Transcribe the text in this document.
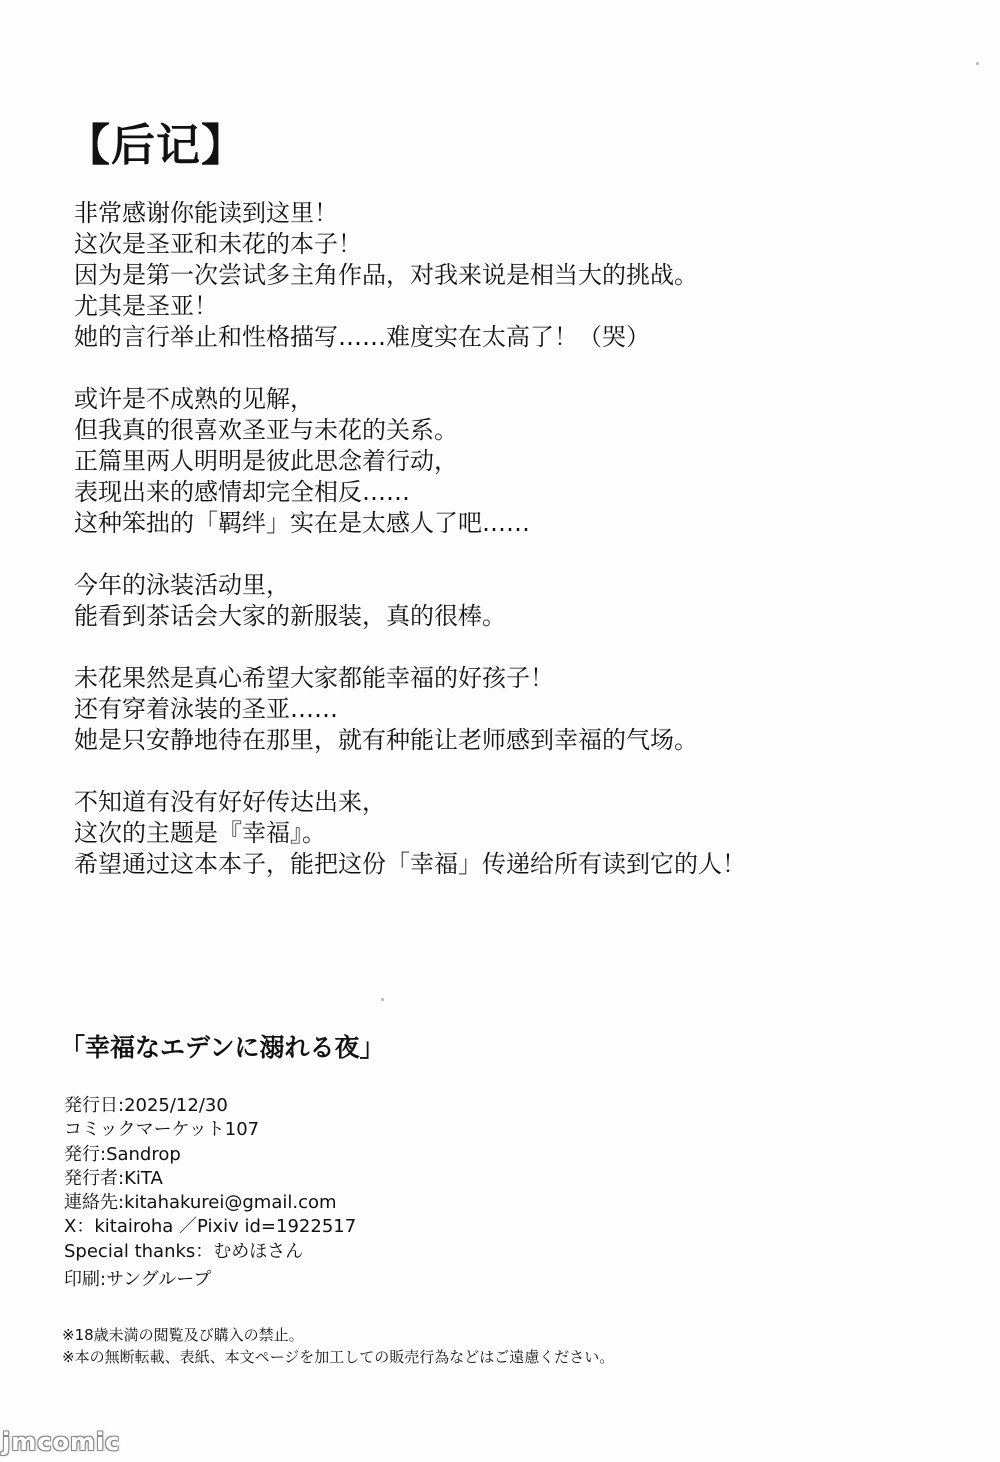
【后记】
非常感谢你能读到这里！
这次是圣亚和未花的本子！
因为是第一次尝试多主角作品，对我来说是相当大的挑战。
尤其是圣亚！
她的言行举止和性格描写……难度实在太高了！（哭）
或许是不成熟的见解，
但我真的很喜欢圣亚与未花的关系。
正篇里两人明明是彼此思念着行动，
表现出来的感情却完全相反……
这种笨拙的「羁绊」实在是太感人了吧……
今年的泳装活动里，
能看到茶话会大家的新服装，真的很棒。
未花果然是真心希望大家都能幸福的好孩子！
还有穿着泳装的圣亚……
她是只安静地待在那里，就有种能让老师感到幸福的气场。
不知道有没有好好传达出来，
这次的主题是『幸福』。
希望通过这本本子，能把这份「幸福」传递给所有读到它的人！
「幸福なエデンに溺れる夜」
発行日:2025/12/30
コミックマーケット107
発行:Sandrop
発行者:KiTA
連絡先:kitahakurei@gmail.com
X：kitairoha ／Pixiv id=1922517
Special thanks：むめほさん
印刷:サングループ
※18歳未満の閲覧及び購入の禁止。
※本の無断転載、表紙、本文ページを加工しての販売行為などはご遠慮ください。
jmcomic
